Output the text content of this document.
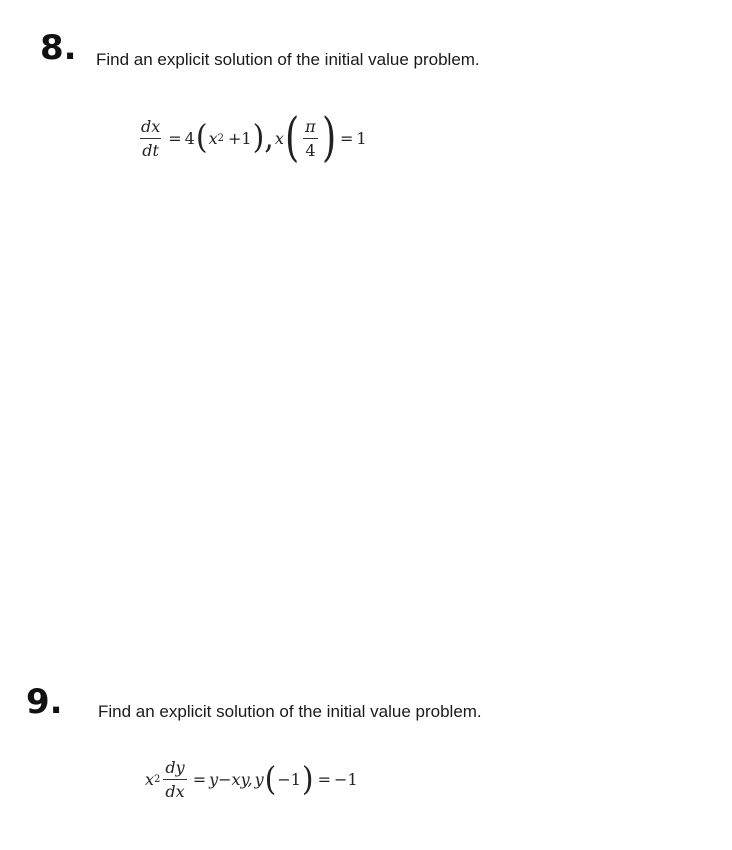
8. Find an explicit solution of the initial value problem.
$\frac{dx}{dt} = 4$ ( x 2 +1 ), x ( $\frac{\pi}{4}$ ) = 1
9. Find an explicit solution of the initial value problem.
x $2 \frac{dy}{dx} = y-xy$, y ( −1 ) = −1
